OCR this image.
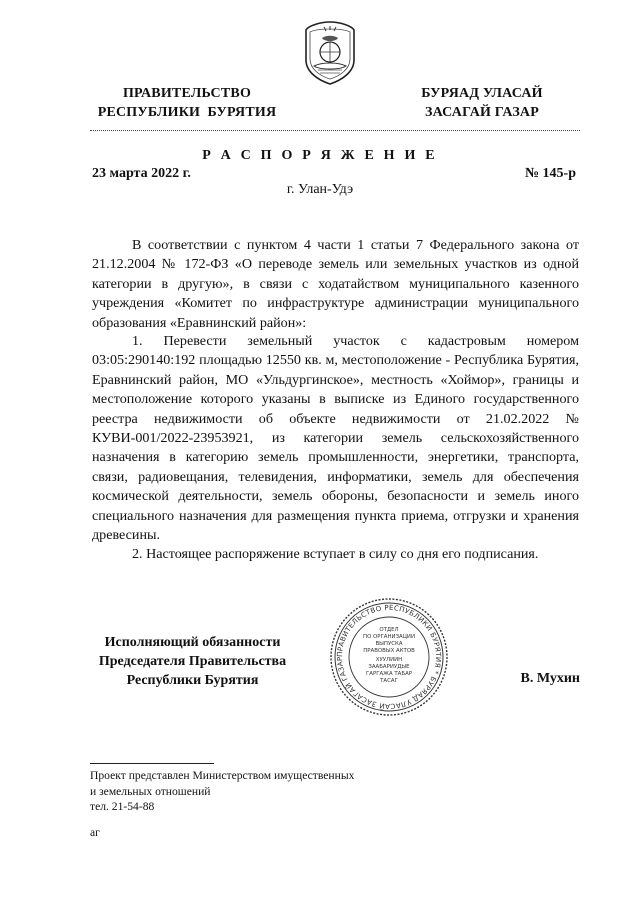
ПРАВИТЕЛЬСТВО
РЕСПУБЛИКИ  БУРЯТИЯ
БУРЯАД УЛАСАЙ
ЗАСАГАЙ ГАЗАР
Р А С П О Р Я Ж Е Н И Е
23 марта 2022 г.	№ 145-р
г. Улан-Удэ

В соответствии с пунктом 4 части 1 статьи 7 Федерального закона от 21.12.2004 № 172-ФЗ «О переводе земель или земельных участков из одной категории в другую», в связи с ходатайством муниципального казенного учреждения «Комитет по инфраструктуре администрации муниципального образования «Еравнинский район»:

1. Перевести земельный участок с кадастровым номером 03:05:290140:192 площадью 12550 кв. м, местоположение - Республика Бурятия, Еравнинский район, МО «Ульдургинское», местность «Хоймор», границы и местоположение которого указаны в выписке из Единого государственного реестра недвижимости об объекте недвижимости от 21.02.2022 № КУВИ-001/2022-23953921, из категории земель сельскохозяйственного назначения в категорию земель промышленности, энергетики, транспорта, связи, радиовещания, телевидения, информатики, земель для обеспечения космической деятельности, земель обороны, безопасности и земель иного специального назначения для размещения пункта приема, отгрузки и хранения древесины.

2. Настоящее распоряжение вступает в силу со дня его подписания.

Исполняющий обязанности
Председателя Правительства
Республики Бурятия	В. Мухин
ПРАВИТЕЛЬСТВО РЕСПУБЛИКИ БУРЯТИЯ * БУРЯАД УЛАСАЙ ЗАСАГАЙ ГАЗАР
ОТДЕЛ
ПО ОРГАНИЗАЦИИ
ВЫПУСКА
ПРАВОВЫХ АКТОВ
ХУУЛИИН
ЗААБАРИУДЫЕ
ГАРГАЖА ТАБАР
ТАСАГ
Проект представлен Министерством имущественных
и земельных отношений
тел. 21-54-88
аг
